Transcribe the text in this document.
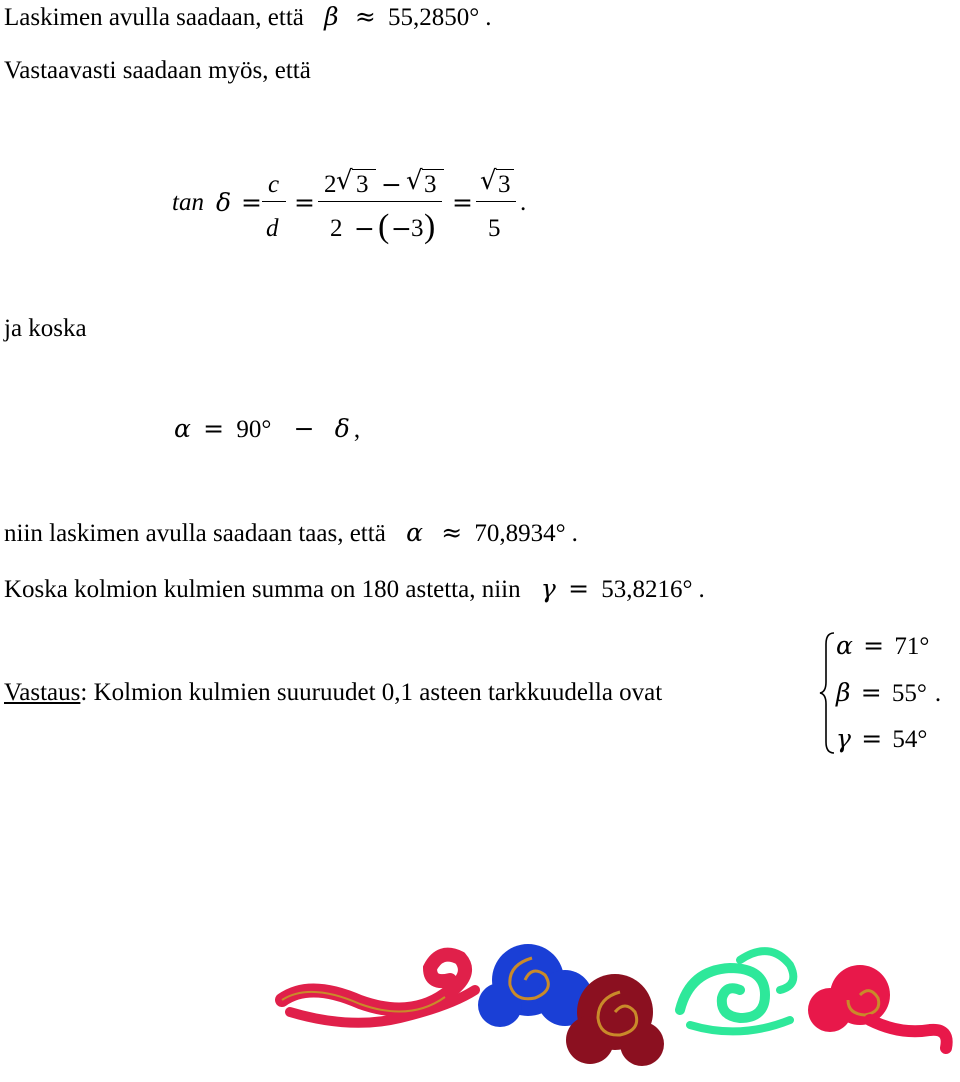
Laskimen avulla saadaan, että β ≈ 55,2850° .
Vastaavasti saadaan myös, että
tan δ =
c
d
=
2 √ 3 − √ 3
2 − ( − 3 )
=
√ 3
5
.
ja koska
α = 90° − δ ,
niin laskimen avulla saadaan taas, että α ≈ 70,8934° .
Koska kolmion kulmien summa on 180 astetta, niin γ = 53,8216° .
Vastaus: Kolmion kulmien suuruudet 0,1 asteen tarkkuudella ovat
α = 71°
β = 55° .
γ = 54°
